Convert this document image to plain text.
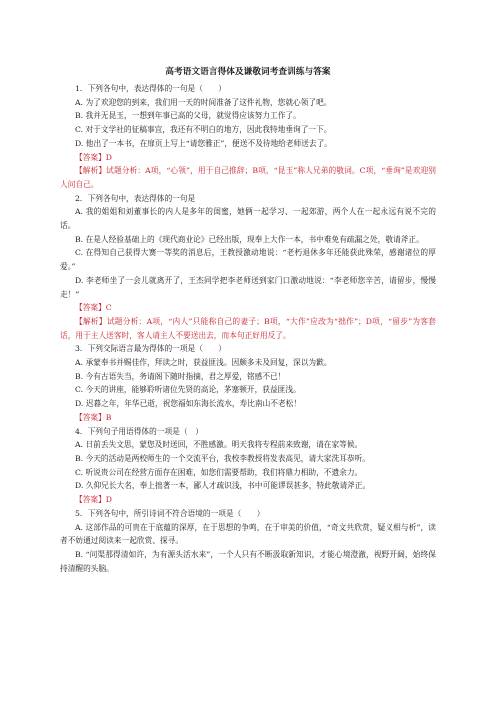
高考语文语言得体及谦敬词考查训练与答案

1．下列各句中，表达得体的一句是（　　）

A. 为了欢迎您的到来，我们用一天的时间准备了这件礼物，您就心领了吧。

B. 我并无昆玉，一想到年事已高的父母，就觉得应该努力工作了。

C. 对于文学社的征稿事宜，我还有不明白的地方，因此我特地垂询了一下。

D. 他出了一本书，在扉页上写上“请您雅正”，便送不及待地给老师送去了。

【答案】D

【解析】试题分析：A项，“心领”，用于自己推辞；B项，“昆玉”称人兄弟的敬词。C项，“垂询”是欢迎别人问自己。

2．下列各句中，表达得体的一句是

A. 我的姐姐和刘董事长的内人是多年的闺蜜，她俩一起学习、一起郊游，两个人在一起永远有说不完的话。

B. 在是人经验基础上的《现代商业论》已经出版，现奉上大作一本，书中难免有疏漏之处，敬请斧正。

C. 在得知自己获得大赛一等奖的消息后，王教授激动地说：“老朽退休多年还能获此殊荣，感谢诸位的厚爱。”

D. 李老师坐了一会儿就离开了，王杰同学把李老师送到家门口激动地说：“李老师您辛苦，请留步，慢慢走！”

【答案】C

【解析】试题分析：A项，“内人”只能称自己的妻子；B项，“大作”应改为“拙作”；D项，“留步”为客套话，用于主人送客时，客人请主人不要送出去，而本句正好用反了。

3．下列交际语言最为得体的一项是（　　）

A. 承蒙奉书并赐佳作，拜读之时，获益匪浅。因颇多未及回复，深以为歉。

B. 今有古语失当，务请阁下随时指摘，君之厚爱，铭感不已！

C. 今天的讲座，能够聆听诸位先贤的高论，茅塞顿开，获益匪浅。

D. 迟暮之年，年华已逝，祝您福如东海长流水，寿比南山不老松！

【答案】B

4．下列句子用语得体的一项是（　）

A. 日前丢失文思，蒙您及时送回，不胜感激。明天我将专程前来致谢，请在家等候。

B. 今天的活动是两校师生的一个交流平台，我校李教授将发表高见，请大家洗耳恭听。

C. 听说贵公司在经营方面存在困难，如您们需要帮助，我们将鼎力相助，不遗余力。

D. 久仰兄长大名，奉上拙著一本，鄙人才疏识浅，书中可能谬误甚多，特此敬请斧正。

【答案】D

5．下列各句中，所引诗词不符合语境的一项是（　　）

A. 这部作品的可贵在于底蕴的深厚，在于思想的争鸣，在于审美的价值，“奇文共欣赏，疑义相与析”，读者不妨通过阅读来一起欣赏、探寻。

B. “问渠那得清如许，为有源头活水来”，一个人只有不断汲取新知识，才能心境澄澈，视野开阔，始终保持清醒的头脑。
